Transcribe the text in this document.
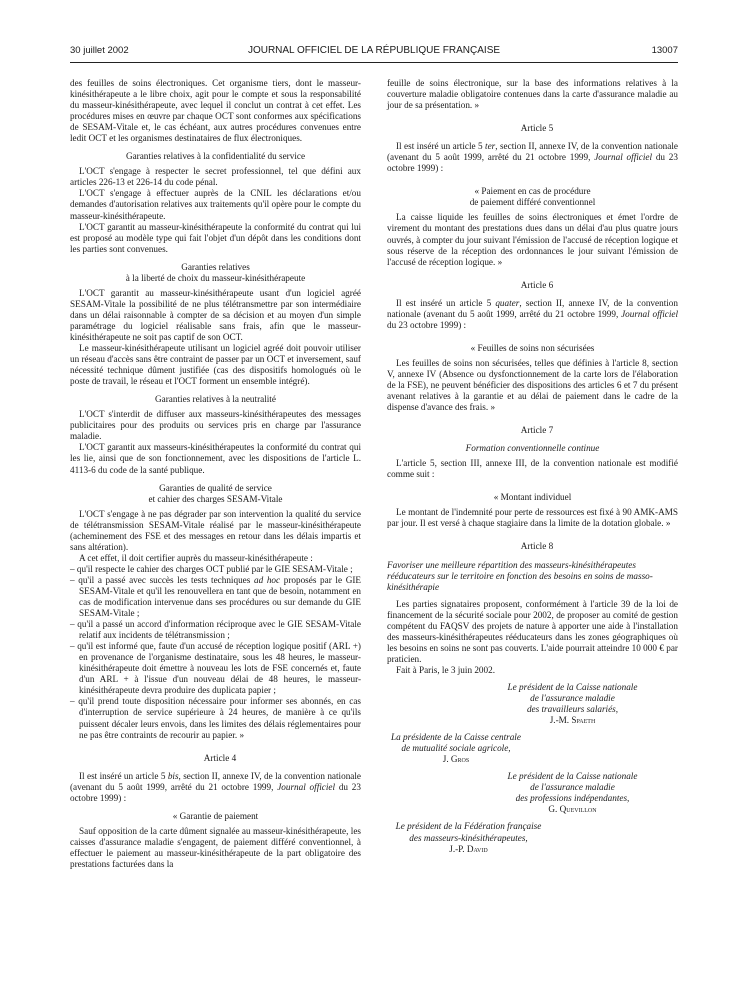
30 juillet 2002	JOURNAL OFFICIEL DE LA RÉPUBLIQUE FRANÇAISE	13007

des feuilles de soins électroniques. Cet organisme tiers, dont le masseur-kinésithérapeute a le libre choix, agit pour le compte et sous la responsabilité du masseur-kinésithérapeute, avec lequel il conclut un contrat à cet effet. Les procédures mises en œuvre par chaque OCT sont conformes aux spécifications de SESAM-Vitale et, le cas échéant, aux autres procédures convenues entre ledit OCT et les organismes destinataires de flux électroniques.

Garanties relatives à la confidentialité du service

L'OCT s'engage à respecter le secret professionnel, tel que défini aux articles 226-13 et 226-14 du code pénal.

L'OCT s'engage à effectuer auprès de la CNIL les déclarations et/ou demandes d'autorisation relatives aux traitements qu'il opère pour le compte du masseur-kinésithérapeute.

L'OCT garantit au masseur-kinésithérapeute la conformité du contrat qui lui est proposé au modèle type qui fait l'objet d'un dépôt dans les conditions dont les parties sont convenues.

Garanties relatives
à la liberté de choix du masseur-kinésithérapeute

L'OCT garantit au masseur-kinésithérapeute usant d'un logiciel agréé SESAM-Vitale la possibilité de ne plus télétransmettre par son intermédiaire dans un délai raisonnable à compter de sa décision et au moyen d'un simple paramétrage du logiciel réalisable sans frais, afin que le masseur-kinésithérapeute ne soit pas captif de son OCT.

Le masseur-kinésithérapeute utilisant un logiciel agréé doit pouvoir utiliser un réseau d'accès sans être contraint de passer par un OCT et inversement, sauf nécessité technique dûment justifiée (cas des dispositifs homologués où le poste de travail, le réseau et l'OCT forment un ensemble intégré).

Garanties relatives à la neutralité

L'OCT s'interdit de diffuser aux masseurs-kinésithérapeutes des messages publicitaires pour des produits ou services pris en charge par l'assurance maladie.

L'OCT garantit aux masseurs-kinésithérapeutes la conformité du contrat qui les lie, ainsi que de son fonctionnement, avec les dispositions de l'article L. 4113-6 du code de la santé publique.

Garanties de qualité de service
et cahier des charges SESAM-Vitale

L'OCT s'engage à ne pas dégrader par son intervention la qualité du service de télétransmission SESAM-Vitale réalisé par le masseur-kinésithérapeute (acheminement des FSE et des messages en retour dans les délais impartis et sans altération).

A cet effet, il doit certifier auprès du masseur-kinésithérapeute :

– qu'il respecte le cahier des charges OCT publié par le GIE SESAM-Vitale ;
– qu'il a passé avec succès les tests techniques ad hoc proposés par le GIE SESAM-Vitale et qu'il les renouvellera en tant que de besoin, notamment en cas de modification intervenue dans ses procédures ou sur demande du GIE SESAM-Vitale ;
– qu'il a passé un accord d'information réciproque avec le GIE SESAM-Vitale relatif aux incidents de télétransmission ;
– qu'il est informé que, faute d'un accusé de réception logique positif (ARL +) en provenance de l'organisme destinataire, sous les 48 heures, le masseur-kinésithérapeute doit émettre à nouveau les lots de FSE concernés et, faute d'un ARL + à l'issue d'un nouveau délai de 48 heures, le masseur-kinésithérapeute devra produire des duplicata papier ;
– qu'il prend toute disposition nécessaire pour informer ses abonnés, en cas d'interruption de service supérieure à 24 heures, de manière à ce qu'ils puissent décaler leurs envois, dans les limites des délais réglementaires pour ne pas être contraints de recourir au papier. »

Article 4

Il est inséré un article 5 bis, section II, annexe IV, de la convention nationale (avenant du 5 août 1999, arrêté du 21 octobre 1999, Journal officiel du 23 octobre 1999) :

« Garantie de paiement

Sauf opposition de la carte dûment signalée au masseur-kinésithérapeute, les caisses d'assurance maladie s'engagent, de paiement différé conventionnel, à effectuer le paiement au masseur-kinésithérapeute de la part obligatoire des prestations facturées dans la

feuille de soins électronique, sur la base des informations relatives à la couverture maladie obligatoire contenues dans la carte d'assurance maladie au jour de sa présentation. »

Article 5

Il est inséré un article 5 ter, section II, annexe IV, de la convention nationale (avenant du 5 août 1999, arrêté du 21 octobre 1999, Journal officiel du 23 octobre 1999) :

« Paiement en cas de procédure
de paiement différé conventionnel

La caisse liquide les feuilles de soins électroniques et émet l'ordre de virement du montant des prestations dues dans un délai d'au plus quatre jours ouvrés, à compter du jour suivant l'émission de l'accusé de réception logique et sous réserve de la réception des ordonnances le jour suivant l'émission de l'accusé de réception logique. »

Article 6

Il est inséré un article 5 quater, section II, annexe IV, de la convention nationale (avenant du 5 août 1999, arrêté du 21 octobre 1999, Journal officiel du 23 octobre 1999) :

« Feuilles de soins non sécurisées

Les feuilles de soins non sécurisées, telles que définies à l'article 8, section V, annexe IV (Absence ou dysfonctionnement de la carte lors de l'élaboration de la FSE), ne peuvent bénéficier des dispositions des articles 6 et 7 du présent avenant relatives à la garantie et au délai de paiement dans le cadre de la dispense d'avance des frais. »

Article 7

Formation conventionnelle continue

L'article 5, section III, annexe III, de la convention nationale est modifié comme suit :

« Montant individuel

Le montant de l'indemnité pour perte de ressources est fixé à 90 AMK-AMS par jour. Il est versé à chaque stagiaire dans la limite de la dotation globale. »

Article 8

Favoriser une meilleure répartition des masseurs-kinésithérapeutes rééducateurs sur le territoire en fonction des besoins en soins de masso-kinésithérapie

Les parties signataires proposent, conformément à l'article 39 de la loi de financement de la sécurité sociale pour 2002, de proposer au comité de gestion compétent du FAQSV des projets de nature à apporter une aide à l'installation des masseurs-kinésithérapeutes rééducateurs dans les zones géographiques où les besoins en soins ne sont pas couverts. L'aide pourrait atteindre 10 000 € par praticien.

Fait à Paris, le 3 juin 2002.

Le président de la Caisse nationale
de l'assurance maladie
des travailleurs salariés,
J.-M. Spaeth
La présidente de la Caisse centrale
de mutualité sociale agricole,
J. Gros
Le président de la Caisse nationale
de l'assurance maladie
des professions indépendantes,
G. Quevillon
Le président de la Fédération française
des masseurs-kinésithérapeutes,
J.-P. David
